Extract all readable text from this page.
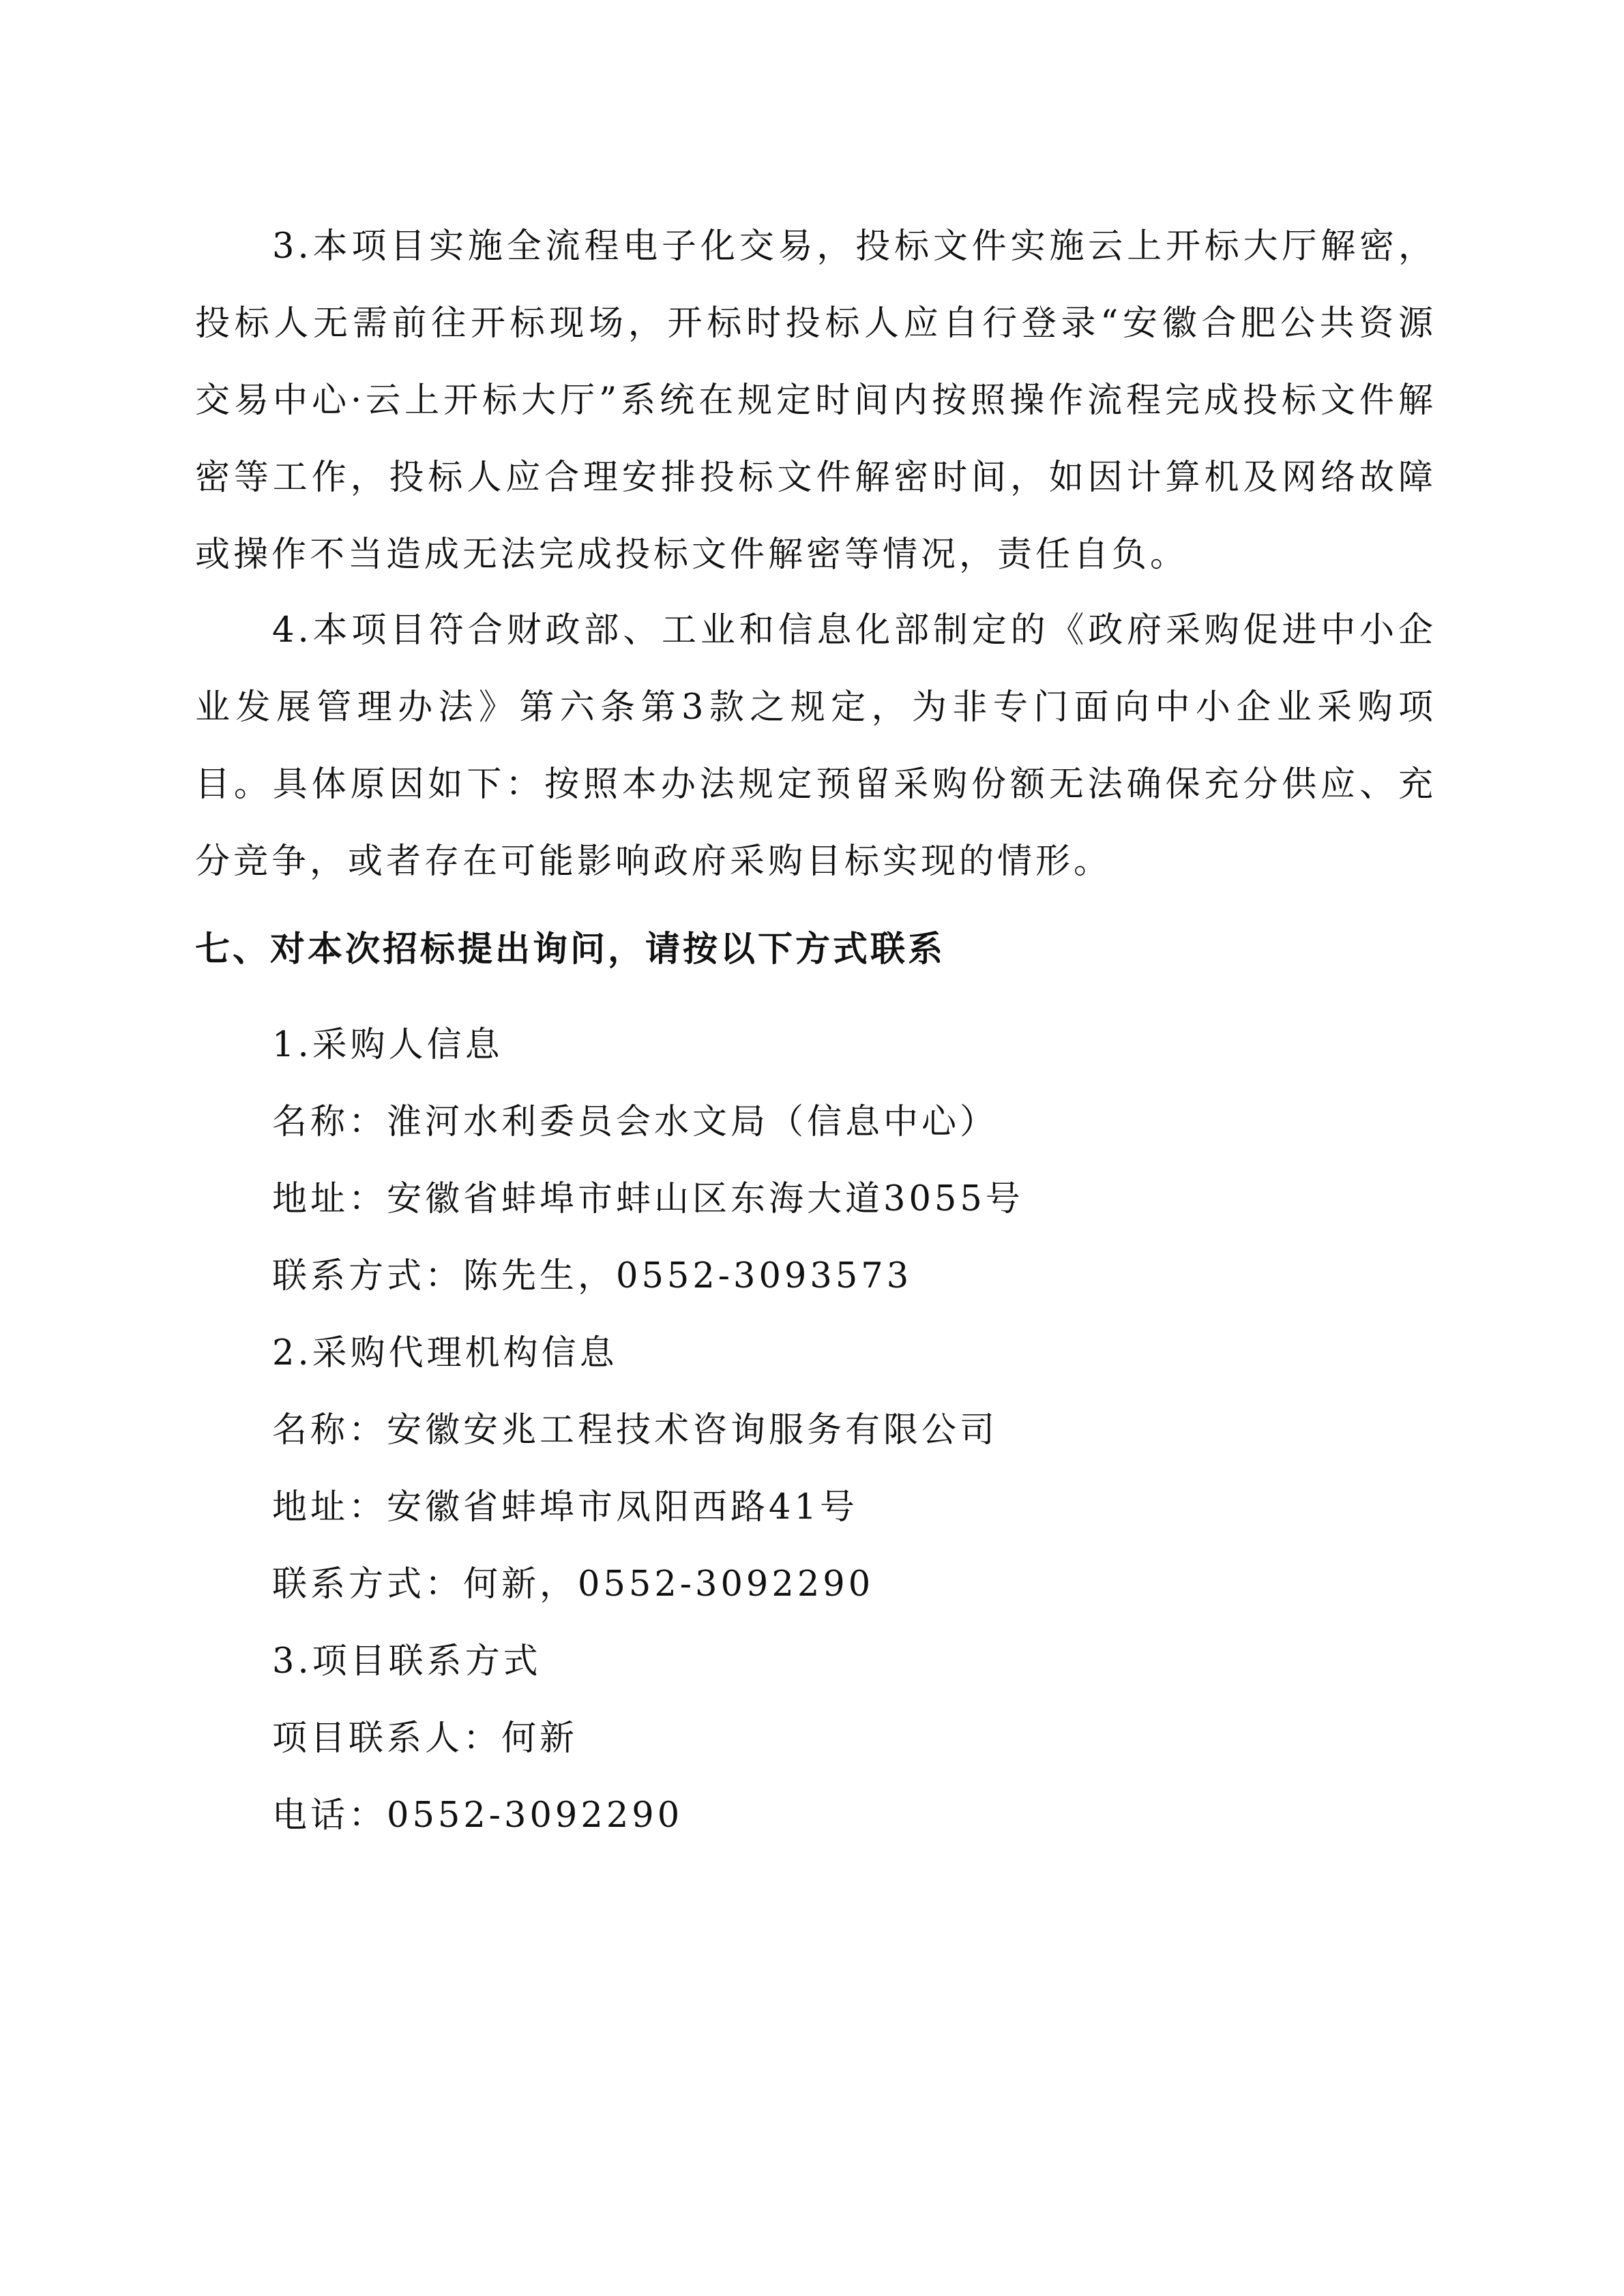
3.本项目实施全流程电子化交易，投标文件实施云上开标大厅解密，投标人无需前往开标现场，开标时投标人应自行登录“安徽合肥公共资源交易中心·云上开标大厅”系统在规定时间内按照操作流程完成投标文件解密等工作，投标人应合理安排投标文件解密时间，如因计算机及网络故障或操作不当造成无法完成投标文件解密等情况，责任自负。

4.本项目符合财政部、工业和信息化部制定的《政府采购促进中小企业发展管理办法》第六条第3款之规定，为非专门面向中小企业采购项目。具体原因如下：按照本办法规定预留采购份额无法确保充分供应、充分竞争，或者存在可能影响政府采购目标实现的情形。

七、对本次招标提出询问，请按以下方式联系

1.采购人信息

名称：淮河水利委员会水文局（信息中心）

地址：安徽省蚌埠市蚌山区东海大道3055号

联系方式：陈先生，0552-3093573

2.采购代理机构信息

名称：安徽安兆工程技术咨询服务有限公司

地址：安徽省蚌埠市凤阳西路41号

联系方式：何新，0552-3092290

3.项目联系方式

项目联系人：何新

电话：0552-3092290
